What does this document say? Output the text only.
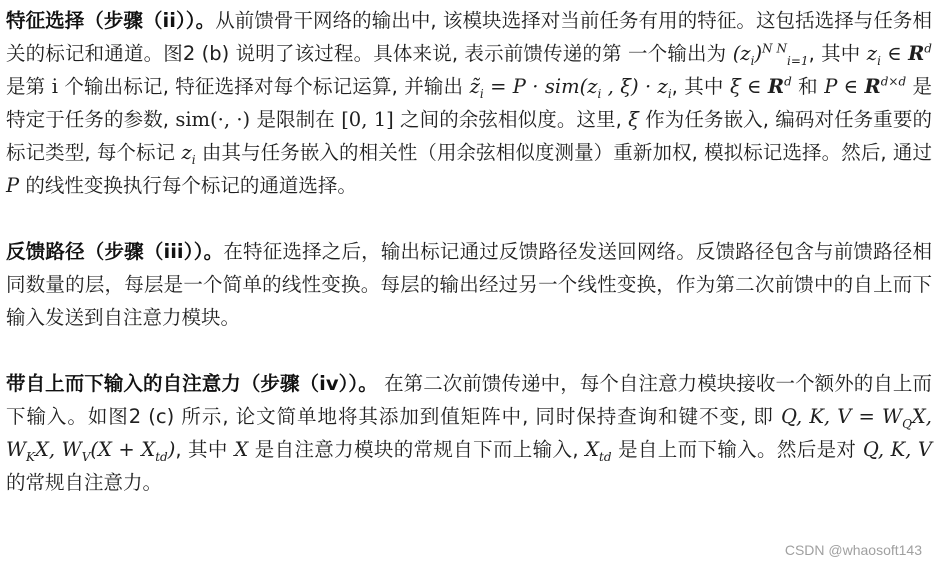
特征选择（步骤（ii））。从前馈骨干网络的输出中, 该模块选择对当前任务有用的特征。这包括选择与任务相关的标记和通道。图2 (b) 说明了该过程。具体来说, 表示前馈传递的第 一个输出为 $(z_i)^{N N}_{i=1}$, 其中 $z_i$ ∈ $R^d$ 是第 i 个输出标记, 特征选择对每个标记运算, 并输出 $z̃_i = P \cdot sim(z_i$ , $\xi) \cdot z_i$, 其中 ξ ∈ $R^d$ 和 P ∈ $R^{d\times d}$ 是特定于任务的参数, sim(·, ·) 是限制在 [0, 1] 之间的余弦相似度。这里, ξ 作为任务嵌入, 编码对任务重要的标记类型, 每个标记 $z_i$ 由其与任务嵌入的相关性（用余弦相似度测量）重新加权, 模拟标记选择。然后, 通过 P 的线性变换执行每个标记的通道选择。

反馈路径（步骤（iii））。在特征选择之后，输出标记通过反馈路径发送回网络。反馈路径包含与前馈路径相同数量的层，每层是一个简单的线性变换。每层的输出经过另一个线性变换，作为第二次前馈中的自上而下输入发送到自注意力模块。

带自上而下输入的自注意力（步骤（iv））。 在第二次前馈传递中，每个自注意力模块接收一个额外的自上而下输入。如图2 (c) 所示, 论文简单地将其添加到值矩阵中, 同时保持查询和键不变, 即 Q, K, $V = W_QX$, $W_KX$, $W_V(X + X_{td})$, 其中 X 是自注意力模块的常规自下而上输入, $X_{td}$ 是自上而下输入。然后是对 Q, K, V 的常规自注意力。

CSDN @whaosoft143
